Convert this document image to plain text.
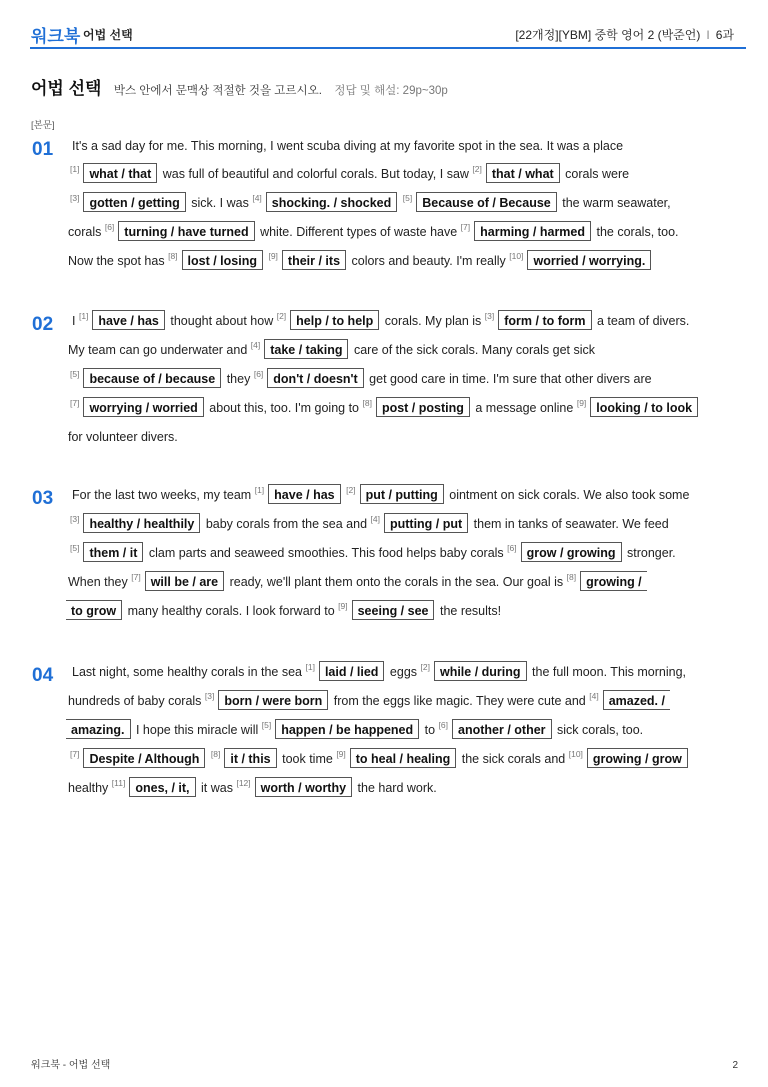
워크북 어법 선택	[22개정][YBM] 중학 영어 2 (박준언) I 6과
어법 선택 박스 안에서 문맥상 적절한 것을 고르시오. 정답 및 해설: 29p~30p
[본문]
01 It's a sad day for me. This morning, I went scuba diving at my favorite spot in the sea. It was a place
[1] what / that was full of beautiful and colorful corals. But today, I saw [2] that / what corals were
[3] gotten / getting sick. I was [4] shocking. / shocked [5] Because of / Because the warm seawater,
corals [6] turning / have turned white. Different types of waste have [7] harming / harmed the corals, too.
Now the spot has [8] lost / losing [9] their / its colors and beauty. I'm really [10] worried / worrying.
02 I [1] have / has thought about how [2] help / to help corals. My plan is [3] form / to form a team of divers.
My team can go underwater and [4] take / taking care of the sick corals. Many corals get sick
[5] because of / because they [6] don't / doesn't get good care in time. I'm sure that other divers are
[7] worrying / worried about this, too. I'm going to [8] post / posting a message online [9] looking / to look
for volunteer divers.
03 For the last two weeks, my team [1] have / has [2] put / putting ointment on sick corals. We also took some
[3] healthy / healthily baby corals from the sea and [4] putting / put them in tanks of seawater. We feed
[5] them / it clam parts and seaweed smoothies. This food helps baby corals [6] grow / growing stronger.
When they [7] will be / are ready, we'll plant them onto the corals in the sea. Our goal is [8] growing /
to grow many healthy corals. I look forward to [9] seeing / see the results!
04 Last night, some healthy corals in the sea [1] laid / lied eggs [2] while / during the full moon. This morning,
hundreds of baby corals [3] born / were born from the eggs like magic. They were cute and [4] amazed. /
amazing. I hope this miracle will [5] happen / be happened to [6] another / other sick corals, too.
[7] Despite / Although [8] it / this took time [9] to heal / healing the sick corals and [10] growing / grow
healthy [11] ones, / it, it was [12] worth / worthy the hard work.
워크북 - 어법 선택	2
